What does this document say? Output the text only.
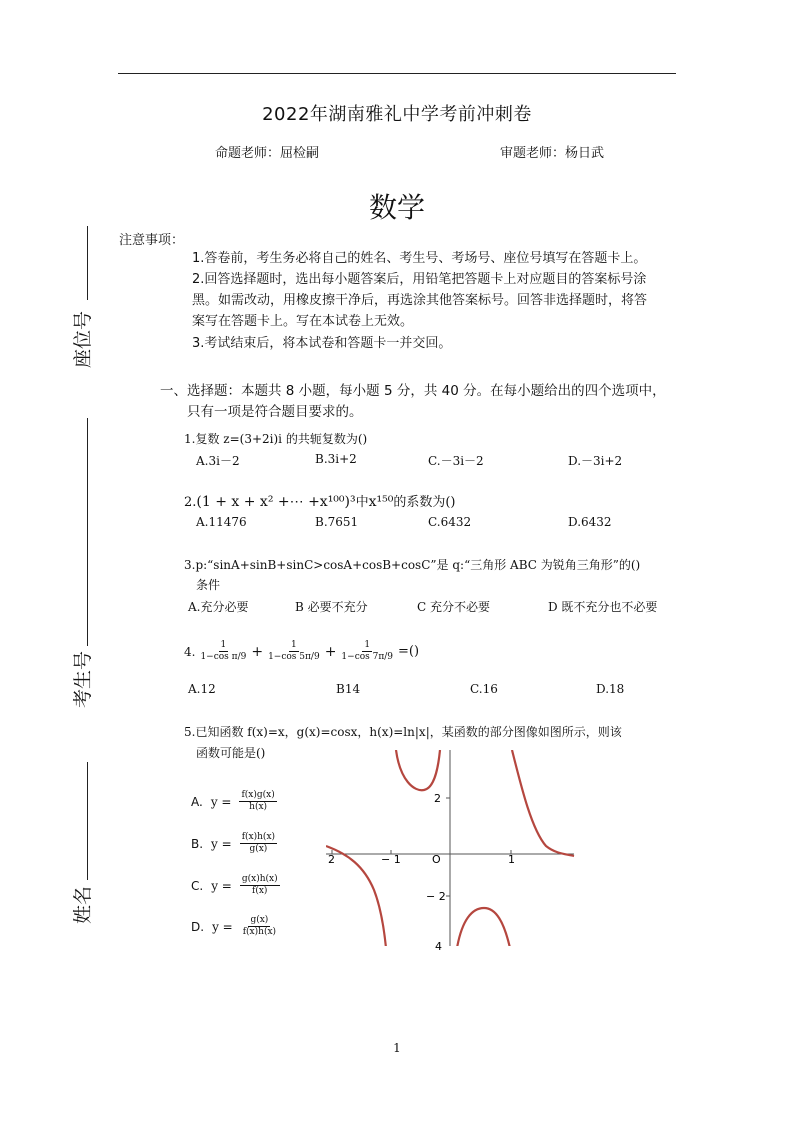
2022年湖南雅礼中学考前冲刺卷
命题老师：屈检嗣	审题老师：杨日武
数学
座位号
考生号
姓名
注意事项：
1.答卷前，考生务必将自己的姓名、考生号、考场号、座位号填写在答题卡上。
2.回答选择题时，选出每小题答案后，用铅笔把答题卡上对应题目的答案标号涂
黑。如需改动，用橡皮擦干净后，再选涂其他答案标号。回答非选择题时，将答
案写在答题卡上。写在本试卷上无效。
3.考试结束后，将本试卷和答题卡一并交回。
一、选择题：本题共 8 小题，每小题 5 分，共 40 分。在每小题给出的四个选项中，
只有一项是符合题目要求的。
1.复数 z=(3+2i)i 的共轭复数为()
A.3i－2	B.3i+2	C.－3i－2	D.－3i+2
2.(1 + x + x² +⋯ +x¹⁰⁰)³中x¹⁵⁰的系数为()
A.11476	B.7651	C.6432	D.6432
3.p:“sinA+sinB+sinC>cosA+cosB+cosC”是 q:“三角形 ABC 为锐角三角形”的()
条件
A.充分必要	B 必要不充分	C 充分不必要	D 既不充分也不必要
4. $\frac{1}{\text{1−cos π/9}} + \frac{1}{1-\cos 5\pi/9} + \frac{1}{1-\cos 7\pi/9}$ =()
A.12	B14	C.16	D.18
5.已知函数 f(x)=x，g(x)=cosx，h(x)=ln|x|，某函数的部分图像如图所示，则该
函数可能是()
A. $y = \frac{f(x)g(x)}{h(x)}$
B. $y = \frac{f(x)h(x)}{g(x)}$
C. $y = \frac{g(x)h(x)}{f(x)}$
D. $y = \frac{g(x)}{f(x)h(x)}$
2	− 1	O	1
2
− 2
4
1
